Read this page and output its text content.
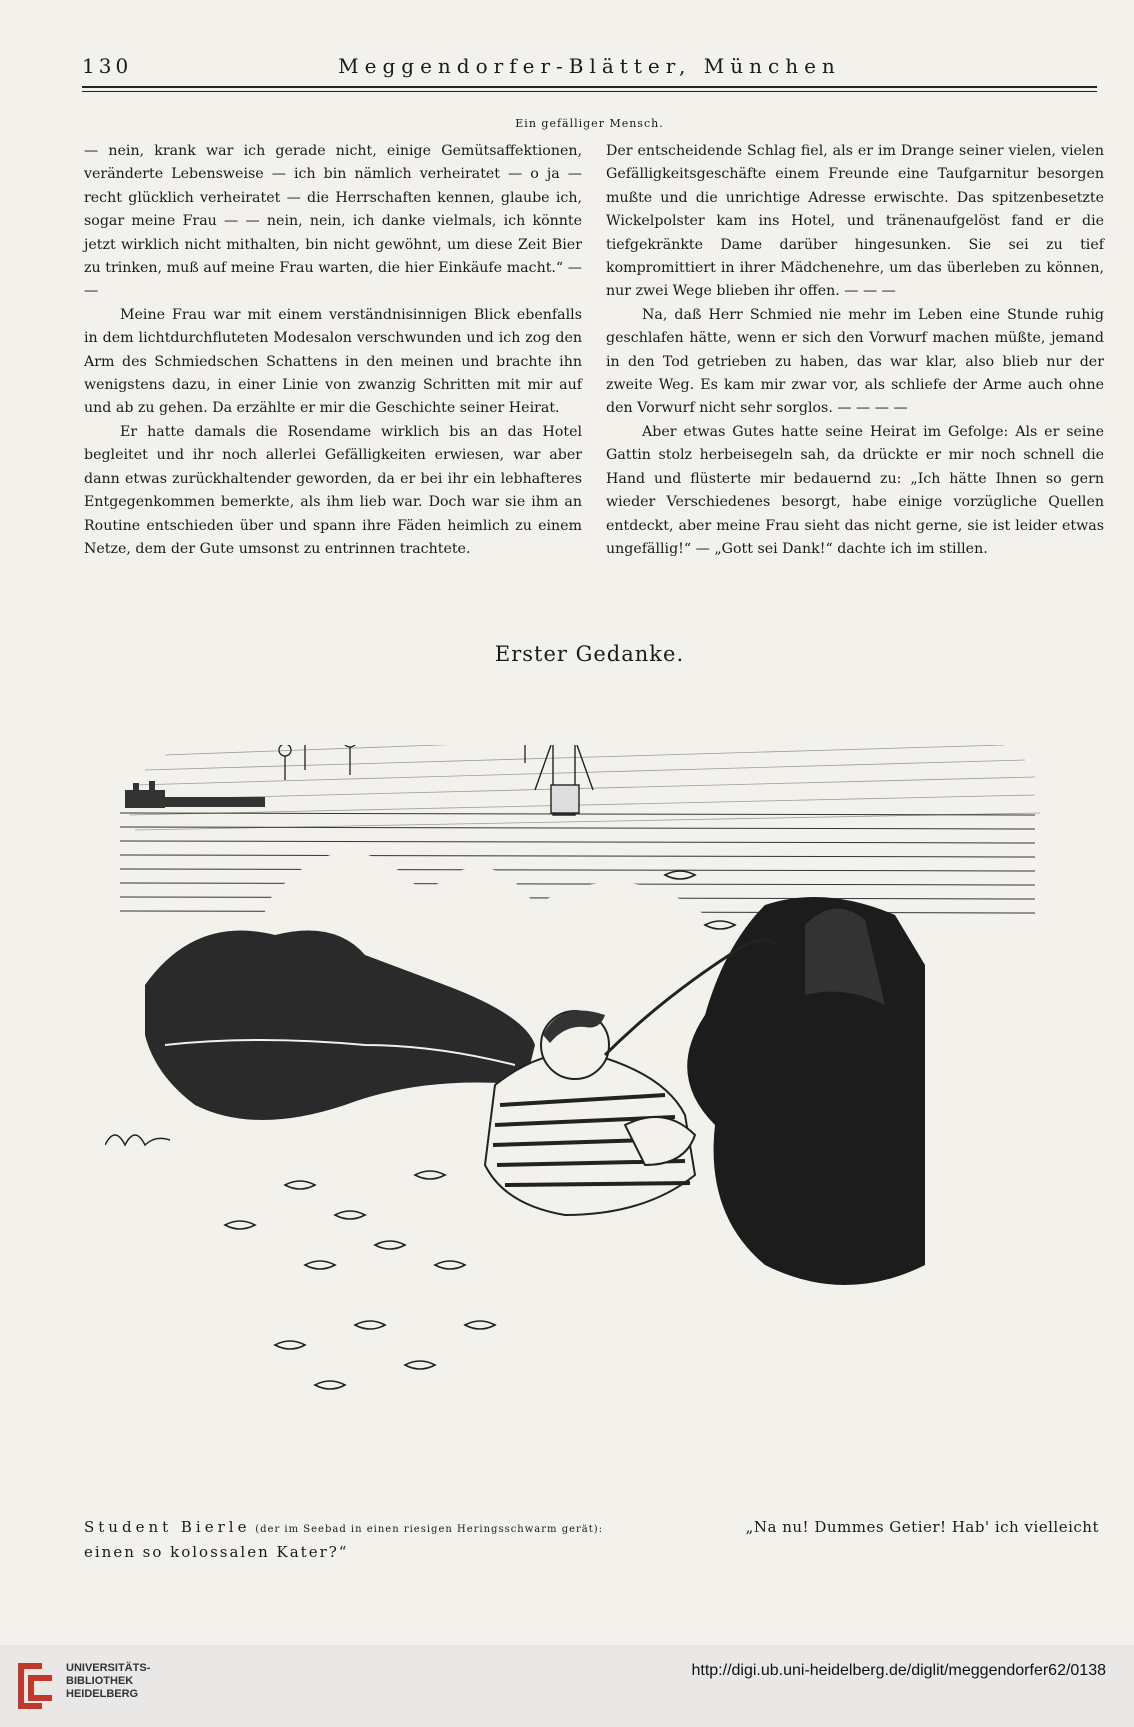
130	Meggendorfer-Blätter, München
Ein gefälliger Mensch.

— nein, krank war ich gerade nicht, einige Gemütsaffektionen, veränderte Lebensweise — ich bin nämlich verheiratet — o ja — recht glücklich verheiratet — die Herrschaften kennen, glaube ich, sogar meine Frau — — nein, nein, ich danke vielmals, ich könnte jetzt wirklich nicht mithalten, bin nicht gewöhnt, um diese Zeit Bier zu trinken, muß auf meine Frau warten, die hier Einkäufe macht.“ — —

Meine Frau war mit einem verständnisinnigen Blick ebenfalls in dem lichtdurchfluteten Modesalon verschwunden und ich zog den Arm des Schmiedschen Schattens in den meinen und brachte ihn wenigstens dazu, in einer Linie von zwanzig Schritten mit mir auf und ab zu gehen. Da erzählte er mir die Geschichte seiner Heirat.

Er hatte damals die Rosendame wirklich bis an das Hotel begleitet und ihr noch allerlei Gefälligkeiten erwiesen, war aber dann etwas zurückhaltender geworden, da er bei ihr ein lebhafteres Entgegenkommen bemerkte, als ihm lieb war. Doch war sie ihm an Routine entschieden über und spann ihre Fäden heimlich zu einem Netze, dem der Gute umsonst zu entrinnen trachtete.

Der entscheidende Schlag fiel, als er im Drange seiner vielen, vielen Gefälligkeitsgeschäfte einem Freunde eine Taufgarnitur besorgen mußte und die unrichtige Adresse erwischte. Das spitzenbesetzte Wickelpolster kam ins Hotel, und tränenaufgelöst fand er die tiefgekränkte Dame darüber hingesunken. Sie sei zu tief kompromittiert in ihrer Mädchenehre, um das überleben zu können, nur zwei Wege blieben ihr offen. — — —

Na, daß Herr Schmied nie mehr im Leben eine Stunde ruhig geschlafen hätte, wenn er sich den Vorwurf machen müßte, jemand in den Tod getrieben zu haben, das war klar, also blieb nur der zweite Weg. Es kam mir zwar vor, als schliefe der Arme auch ohne den Vorwurf nicht sehr sorglos. — — — —

Aber etwas Gutes hatte seine Heirat im Gefolge: Als er seine Gattin stolz herbeisegeln sah, da drückte er mir noch schnell die Hand und flüsterte mir bedauernd zu: „Ich hätte Ihnen so gern wieder Verschiedenes besorgt, habe einige vorzügliche Quellen entdeckt, aber meine Frau sieht das nicht gerne, sie ist leider etwas ungefällig!“ — „Gott sei Dank!“ dachte ich im stillen.

Erster Gedanke.
„Na nu! Dummes Getier! Hab' ich vielleicht
Student Bierle (der im Seebad in einen riesigen Heringsschwarm gerät):
einen so kolossalen Kater?“
UNIVERSITÄTS-
BIBLIOTHEK
HEIDELBERG
http://digi.ub.uni-heidelberg.de/diglit/meggendorfer62/0138
